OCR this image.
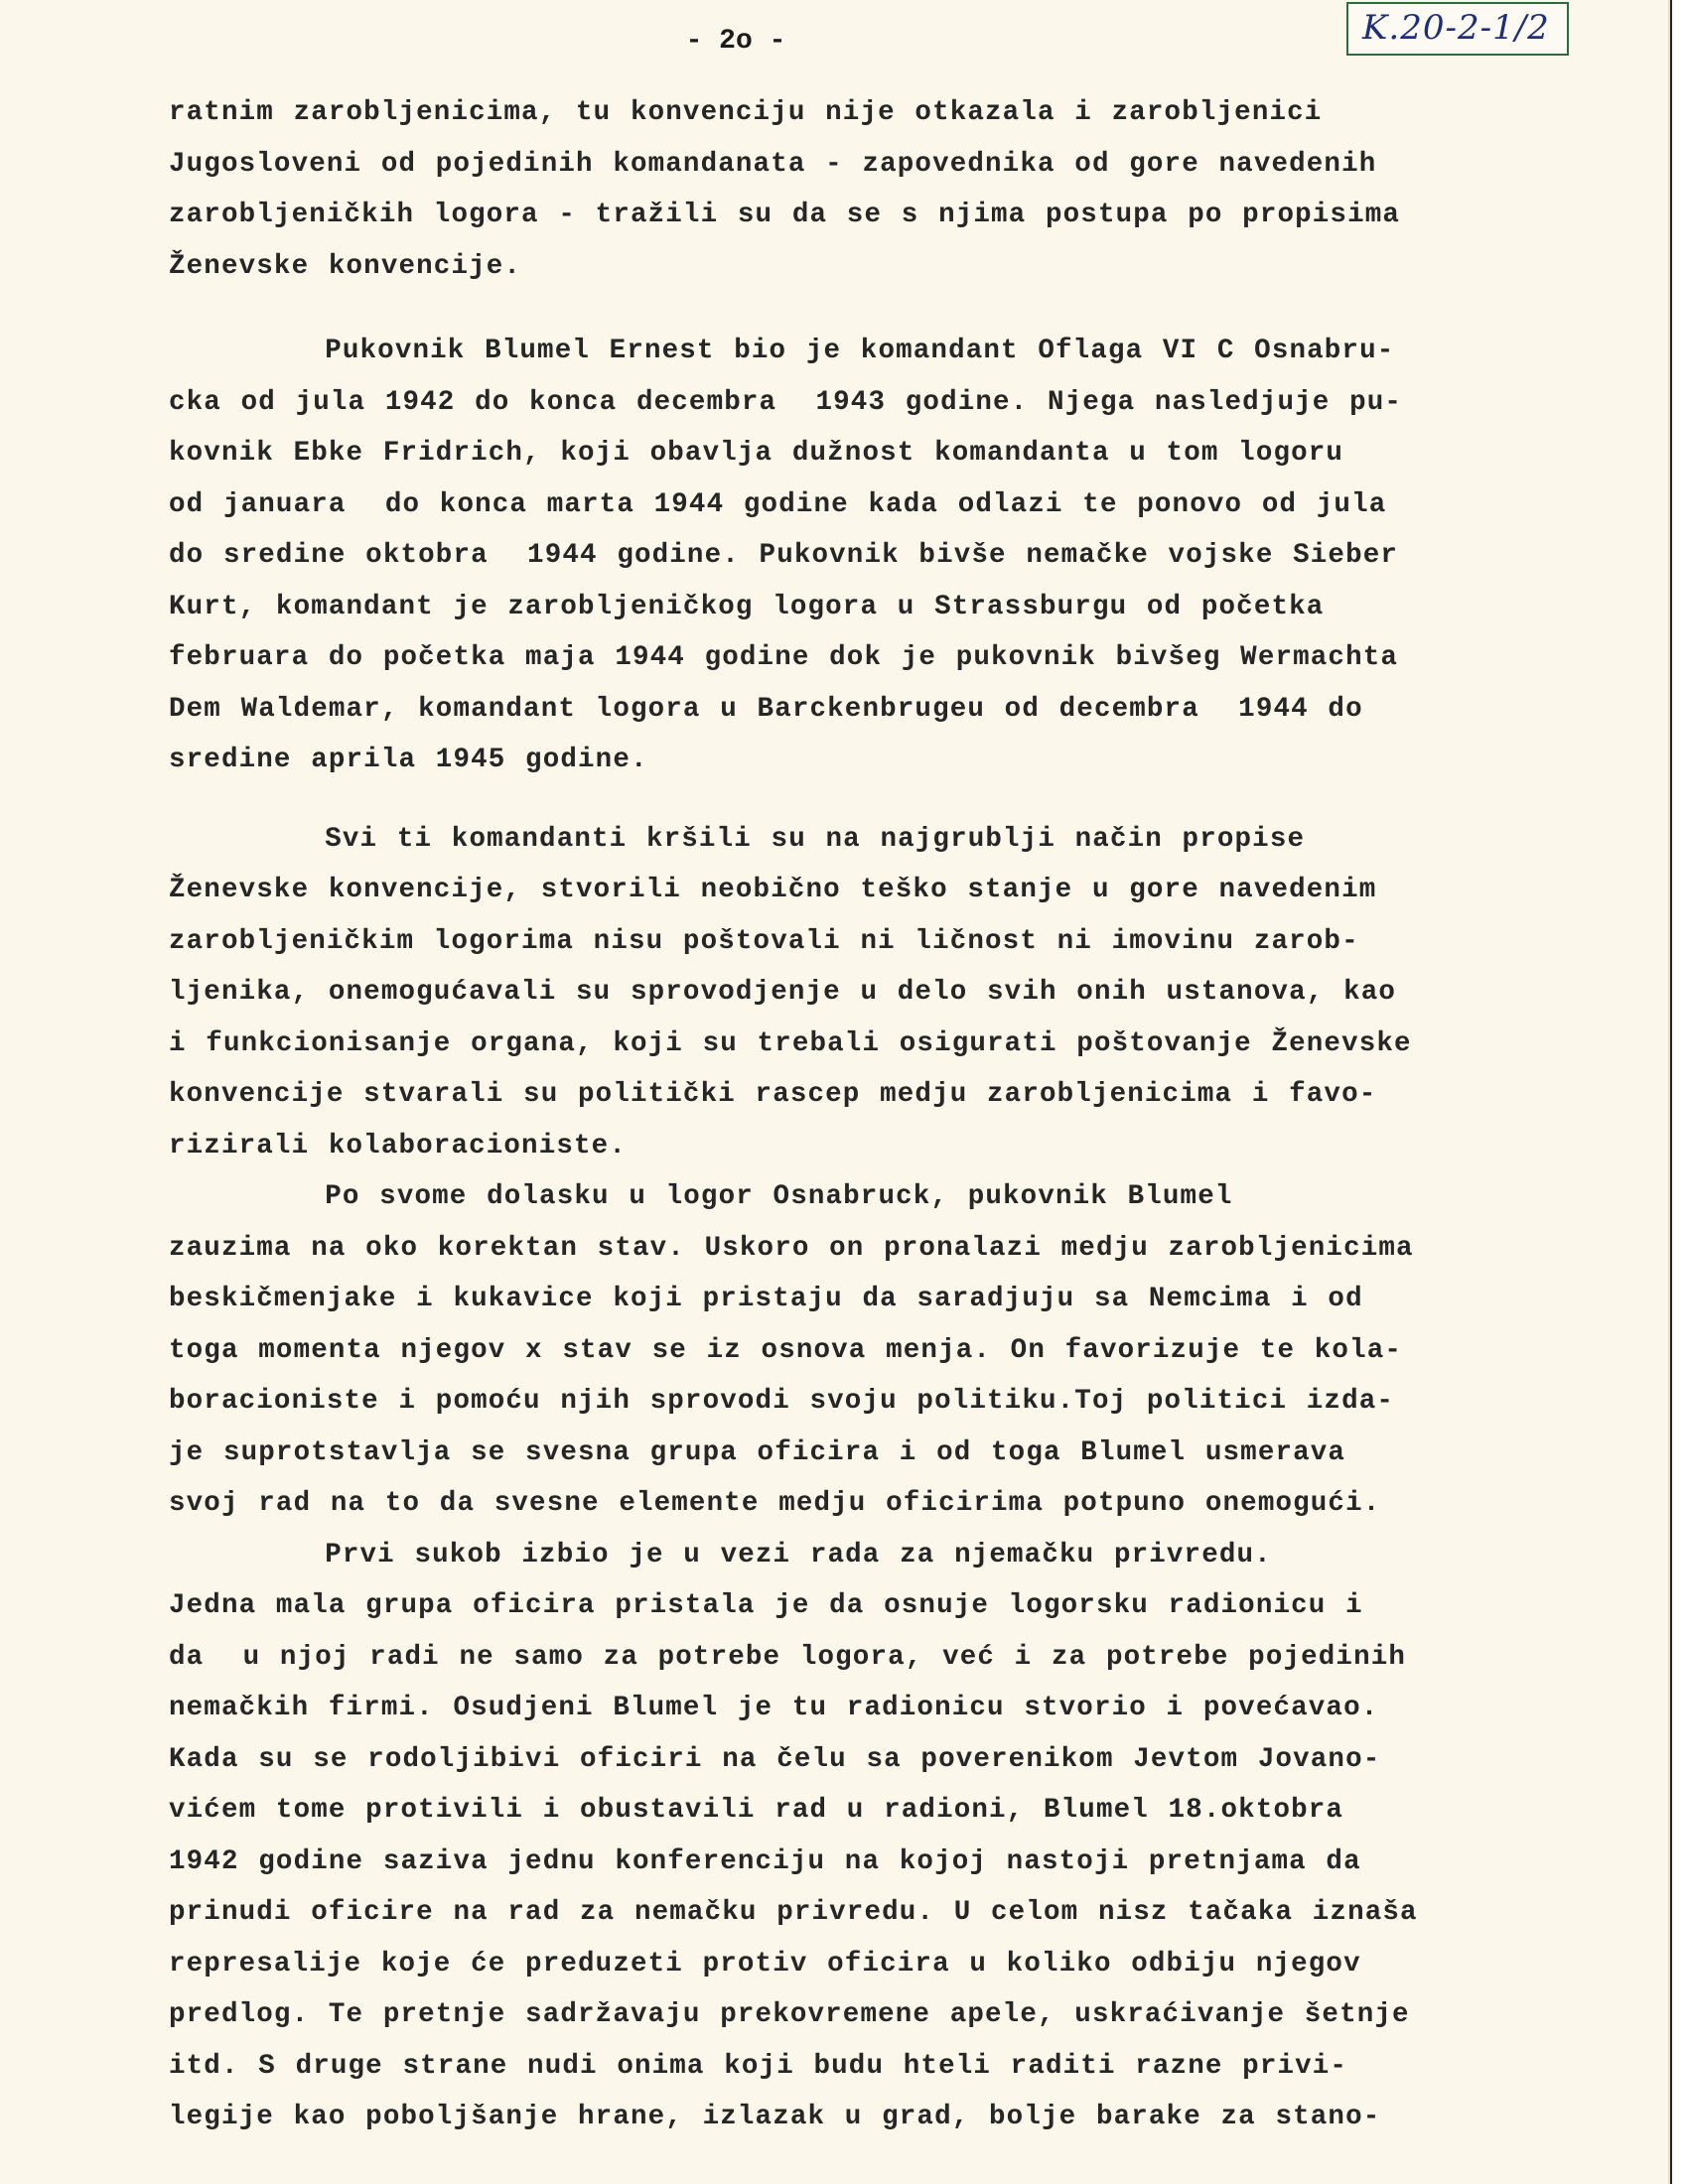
- 2o -	K.20-2-1/2
ratnim zarobljenicima, tu konvenciju nije otkazala i zarobljenici
Jugosloveni od pojedinih komandanata - zapovednika od gore navedenih
zarobljeničkih logora - tražili su da se s njima postupa po propisima
Ženevske konvencije.
Pukovnik Blumel Ernest bio je komandant Oflaga VI C Osnabru-
cka od jula 1942 do konca decembra  1943 godine. Njega nasledjuje pu-
kovnik Ebke Fridrich, koji obavlja dužnost komandanta u tom logoru
od januara  do konca marta 1944 godine kada odlazi te ponovo od jula
do sredine oktobra  1944 godine. Pukovnik bivše nemačke vojske Sieber
Kurt, komandant je zarobljeničkog logora u Strassburgu od početka
februara do početka maja 1944 godine dok je pukovnik bivšeg Wermachta
Dem Waldemar, komandant logora u Barckenbrugeu od decembra  1944 do
sredine aprila 1945 godine.
Svi ti komandanti kršili su na najgrublji način propise
Ženevske konvencije, stvorili neobično teško stanje u gore navedenim
zarobljeničkim logorima nisu poštovali ni ličnost ni imovinu zarob-
ljenika, onemogućavali su sprovodjenje u delo svih onih ustanova, kao
i funkcionisanje organa, koji su trebali osigurati poštovanje Ženevske
konvencije stvarali su politički rascep medju zarobljenicima i favo-
rizirali kolaboracioniste.
Po svome dolasku u logor Osnabruck, pukovnik Blumel
zauzima na oko korektan stav. Uskoro on pronalazi medju zarobljenicima
beskičmenjake i kukavice koji pristaju da saradjuju sa Nemcima i od
toga momenta njegov x stav se iz osnova menja. On favorizuje te kola-
boracioniste i pomoću njih sprovodi svoju politiku.Toj politici izda-
je suprotstavlja se svesna grupa oficira i od toga Blumel usmerava
svoj rad na to da svesne elemente medju oficirima potpuno onemogući.
Prvi sukob izbio je u vezi rada za njemačku privredu.
Jedna mala grupa oficira pristala je da osnuje logorsku radionicu i
da  u njoj radi ne samo za potrebe logora, već i za potrebe pojedinih
nemačkih firmi. Osudjeni Blumel je tu radionicu stvorio i povećavao.
Kada su se rodoljibivi oficiri na čelu sa poverenikom Jevtom Jovano-
vićem tome protivili i obustavili rad u radioni, Blumel 18.oktobra
1942 godine saziva jednu konferenciju na kojoj nastoji pretnjama da
prinudi oficire na rad za nemačku privredu. U celom nisz tačaka iznaša
represalije koje će preduzeti protiv oficira u koliko odbiju njegov
predlog. Te pretnje sadržavaju prekovremene apele, uskraćivanje šetnje
itd. S druge strane nudi onima koji budu hteli raditi razne privi-
legije kao poboljšanje hrane, izlazak u grad, bolje barake za stano-
